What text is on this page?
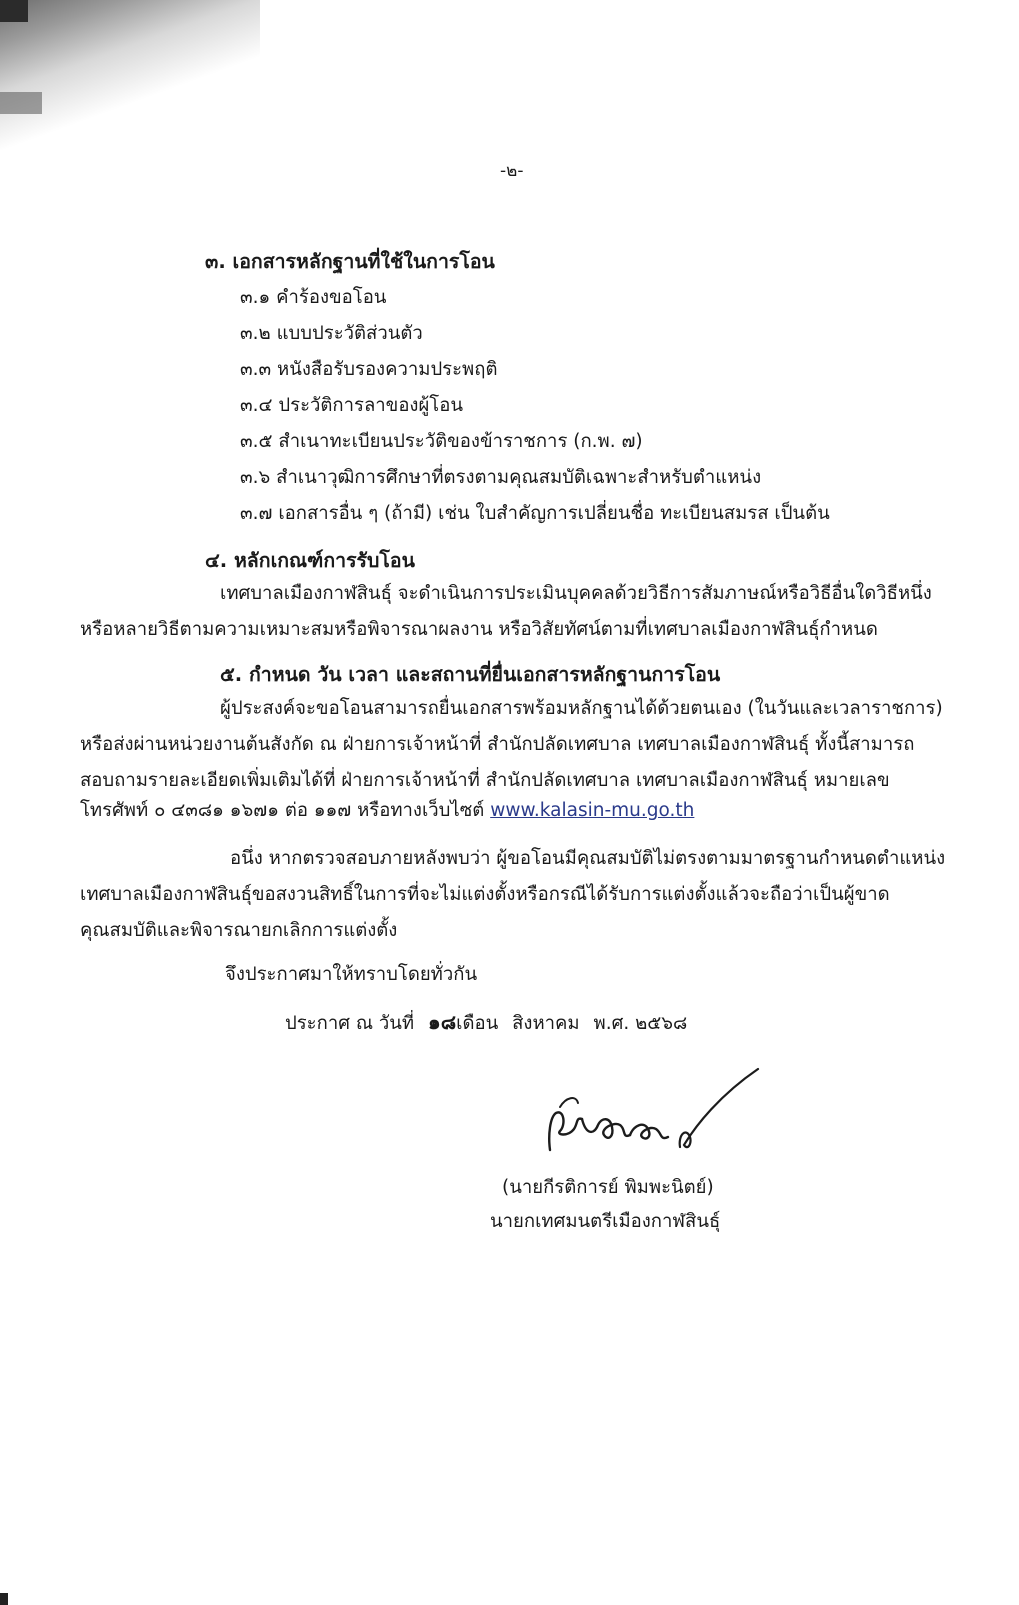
-๒-
๓. เอกสารหลักฐานที่ใช้ในการโอน
๓.๑ คำร้องขอโอน
๓.๒ แบบประวัติส่วนตัว
๓.๓ หนังสือรับรองความประพฤติ
๓.๔ ประวัติการลาของผู้โอน
๓.๕ สำเนาทะเบียนประวัติของข้าราชการ (ก.พ. ๗)
๓.๖ สำเนาวุฒิการศึกษาที่ตรงตามคุณสมบัติเฉพาะสำหรับตำแหน่ง
๓.๗ เอกสารอื่น ๆ (ถ้ามี) เช่น ใบสำคัญการเปลี่ยนชื่อ ทะเบียนสมรส เป็นต้น
๔. หลักเกณฑ์การรับโอน
เทศบาลเมืองกาฬสินธุ์ จะดำเนินการประเมินบุคคลด้วยวิธีการสัมภาษณ์หรือวิธีอื่นใดวิธีหนึ่ง
หรือหลายวิธีตามความเหมาะสมหรือพิจารณาผลงาน หรือวิสัยทัศน์ตามที่เทศบาลเมืองกาฬสินธุ์กำหนด
๕. กำหนด วัน เวลา และสถานที่ยื่นเอกสารหลักฐานการโอน
ผู้ประสงค์จะขอโอนสามารถยื่นเอกสารพร้อมหลักฐานได้ด้วยตนเอง (ในวันและเวลาราชการ)
หรือส่งผ่านหน่วยงานต้นสังกัด ณ ฝ่ายการเจ้าหน้าที่ สำนักปลัดเทศบาล เทศบาลเมืองกาฬสินธุ์ ทั้งนี้สามารถ
สอบถามรายละเอียดเพิ่มเติมได้ที่ ฝ่ายการเจ้าหน้าที่ สำนักปลัดเทศบาล เทศบาลเมืองกาฬสินธุ์ หมายเลข
โทรศัพท์ ๐ ๔๓๘๑ ๑๖๗๑ ต่อ ๑๑๗ หรือทางเว็บไซต์ www.kalasin-mu.go.th
อนึ่ง หากตรวจสอบภายหลังพบว่า ผู้ขอโอนมีคุณสมบัติไม่ตรงตามมาตรฐานกำหนดตำแหน่ง
เทศบาลเมืองกาฬสินธุ์ขอสงวนสิทธิ์ในการที่จะไม่แต่งตั้งหรือกรณีได้รับการแต่งตั้งแล้วจะถือว่าเป็นผู้ขาด
คุณสมบัติและพิจารณายกเลิกการแต่งตั้ง
จึงประกาศมาให้ทราบโดยทั่วกัน
ประกาศ ณ วันที่ ๑๘เดือน สิงหาคม พ.ศ. ๒๕๖๘
(นายกีรติการย์ พิมพะนิตย์)
นายกเทศมนตรีเมืองกาฬสินธุ์
